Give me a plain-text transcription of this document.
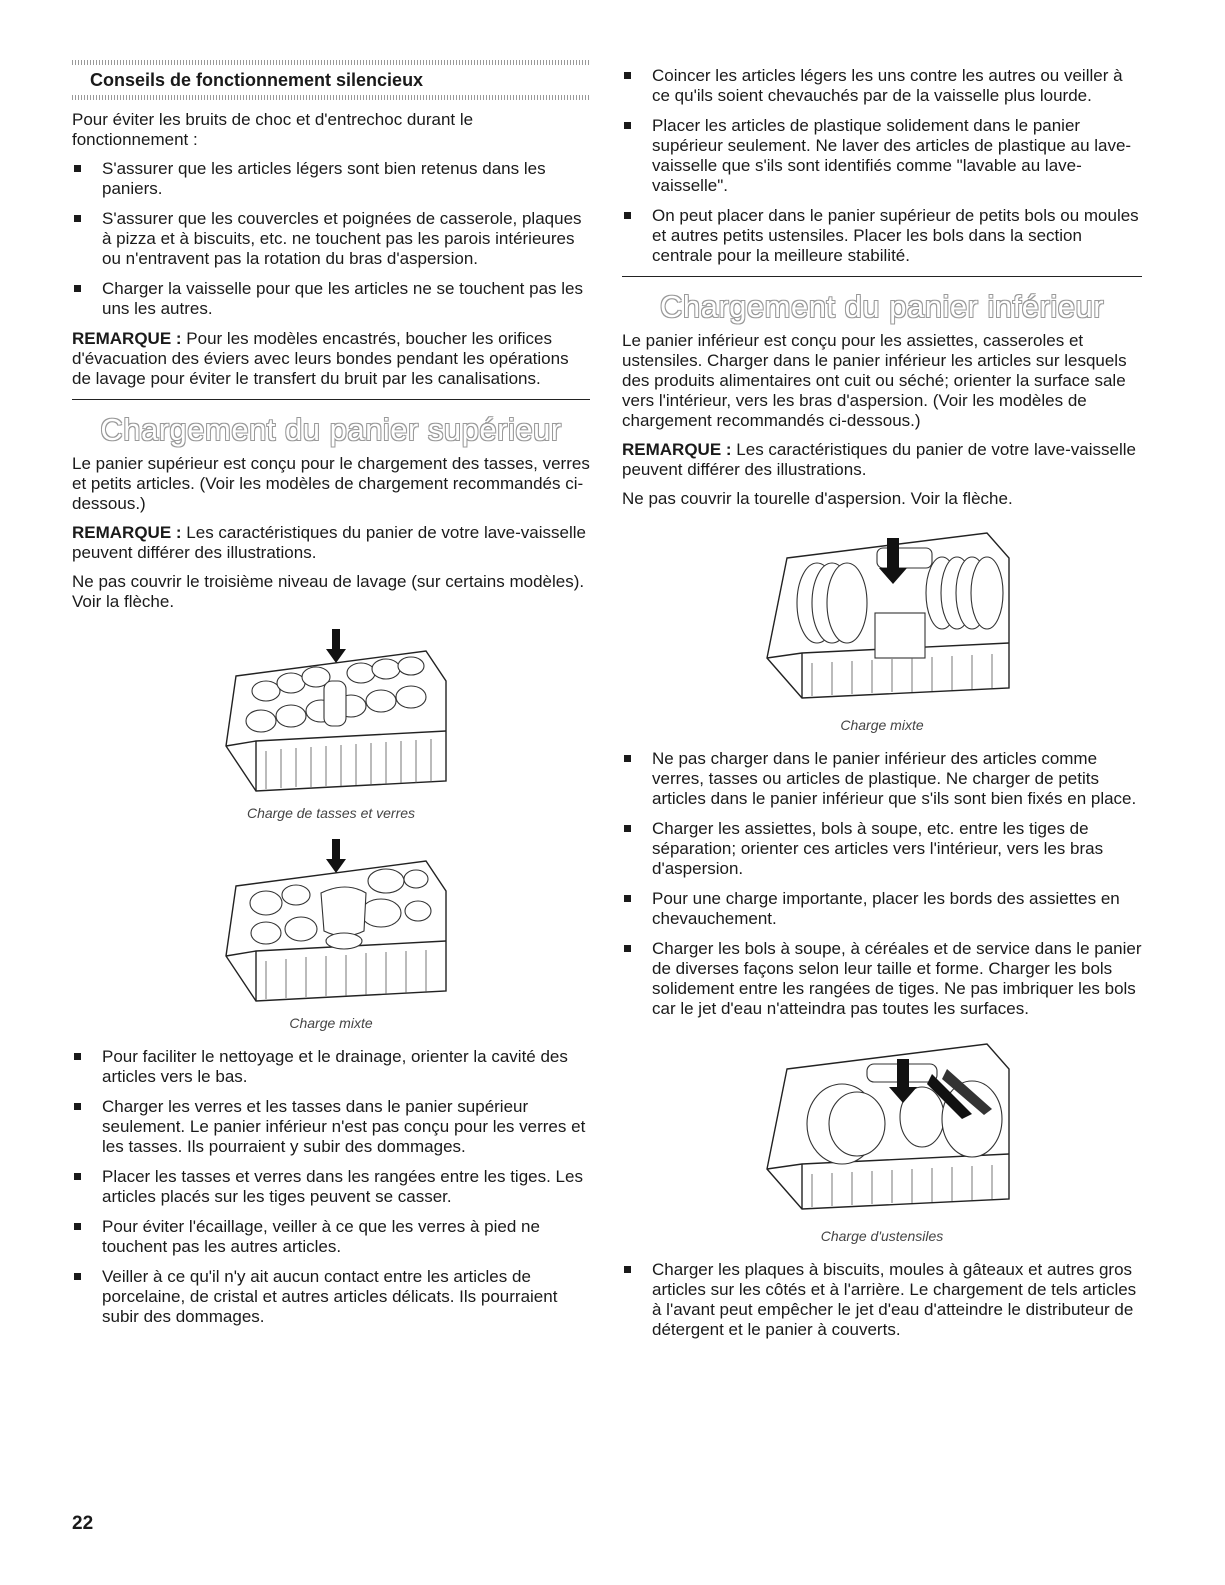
Conseils de fonctionnement silencieux

Pour éviter les bruits de choc et d'entrechoc durant le fonctionnement :

S'assurer que les articles légers sont bien retenus dans les paniers.
S'assurer que les couvercles et poignées de casserole, plaques à pizza et à biscuits, etc. ne touchent pas les parois intérieures ou n'entravent pas la rotation du bras d'aspersion.
Charger la vaisselle pour que les articles ne se touchent pas les uns les autres.

REMARQUE : Pour les modèles encastrés, boucher les orifices d'évacuation des éviers avec leurs bondes pendant les opérations de lavage pour éviter le transfert du bruit par les canalisations.

Chargement du panier supérieur

Le panier supérieur est conçu pour le chargement des tasses, verres et petits articles. (Voir les modèles de chargement recommandés ci-dessous.)

REMARQUE : Les caractéristiques du panier de votre lave-vaisselle peuvent différer des illustrations.

Ne pas couvrir le troisième niveau de lavage (sur certains modèles). Voir la flèche.

Charge de tasses et verres
Charge mixte
Pour faciliter le nettoyage et le drainage, orienter la cavité des articles vers le bas.
Charger les verres et les tasses dans le panier supérieur seulement. Le panier inférieur n'est pas conçu pour les verres et les tasses. Ils pourraient y subir des dommages.
Placer les tasses et verres dans les rangées entre les tiges. Les articles placés sur les tiges peuvent se casser.
Pour éviter l'écaillage, veiller à ce que les verres à pied ne touchent pas les autres articles.
Veiller à ce qu'il n'y ait aucun contact entre les articles de porcelaine, de cristal et autres articles délicats. Ils pourraient subir des dommages.
Coincer les articles légers les uns contre les autres ou veiller à ce qu'ils soient chevauchés par de la vaisselle plus lourde.
Placer les articles de plastique solidement dans le panier supérieur seulement. Ne laver des articles de plastique au lave-vaisselle que s'ils sont identifiés comme "lavable au lave-vaisselle".
On peut placer dans le panier supérieur de petits bols ou moules et autres petits ustensiles. Placer les bols dans la section centrale pour la meilleure stabilité.
Chargement du panier inférieur

Le panier inférieur est conçu pour les assiettes, casseroles et ustensiles. Charger dans le panier inférieur les articles sur lesquels des produits alimentaires ont cuit ou séché; orienter la surface sale vers l'intérieur, vers les bras d'aspersion. (Voir les modèles de chargement recommandés ci-dessous.)

REMARQUE : Les caractéristiques du panier de votre lave-vaisselle peuvent différer des illustrations.

Ne pas couvrir la tourelle d'aspersion. Voir la flèche.

Charge mixte
Ne pas charger dans le panier inférieur des articles comme verres, tasses ou articles de plastique. Ne charger de petits articles dans le panier inférieur que s'ils sont bien fixés en place.
Charger les assiettes, bols à soupe, etc. entre les tiges de séparation; orienter ces articles vers l'intérieur, vers les bras d'aspersion.
Pour une charge importante, placer les bords des assiettes en chevauchement.
Charger les bols à soupe, à céréales et de service dans le panier de diverses façons selon leur taille et forme. Charger les bols solidement entre les rangées de tiges. Ne pas imbriquer les bols car le jet d'eau n'atteindra pas toutes les surfaces.
Charge d'ustensiles
Charger les plaques à biscuits, moules à gâteaux et autres gros articles sur les côtés et à l'arrière. Le chargement de tels articles à l'avant peut empêcher le jet d'eau d'atteindre le distributeur de détergent et le panier à couverts.
22
